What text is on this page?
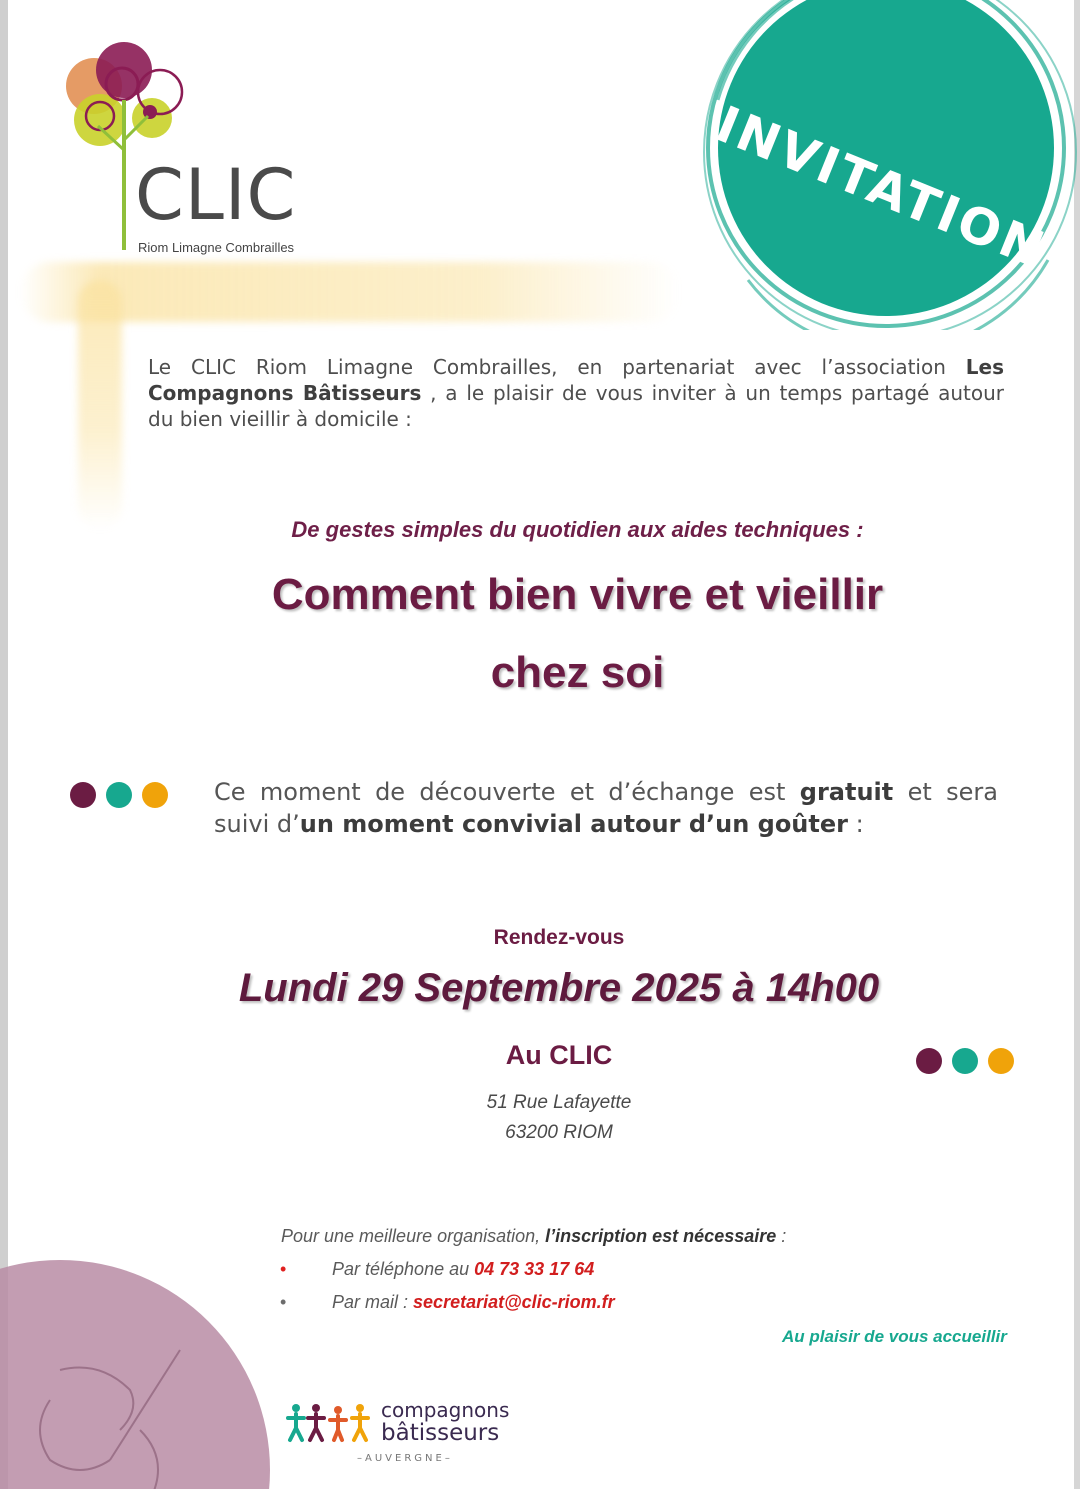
CLIC
Riom Limagne Combrailles	INVITATION

Le CLIC Riom Limagne Combrailles, en partenariat avec l’association Les Compagnons Bâtisseurs , a le plaisir de vous inviter à un temps partagé autour du bien vieillir à domicile :

De gestes simples du quotidien aux aides techniques :
Comment bien vivre et vieillir
chez soi

Ce moment de découverte et d’échange est gratuit et sera suivi d’un moment convivial autour d’un goûter :

Rendez-vous
Lundi 29 Septembre 2025 à 14h00
Au CLIC
51 Rue Lafayette
63200 RIOM
Pour une meilleure organisation, l’inscription est nécessaire :
•	Par téléphone au 04 73 33 17 64
•	Par mail : secretariat@clic-riom.fr
Au plaisir de vous accueillir
compagnons
bâtisseurs
–AUVERGNE–
